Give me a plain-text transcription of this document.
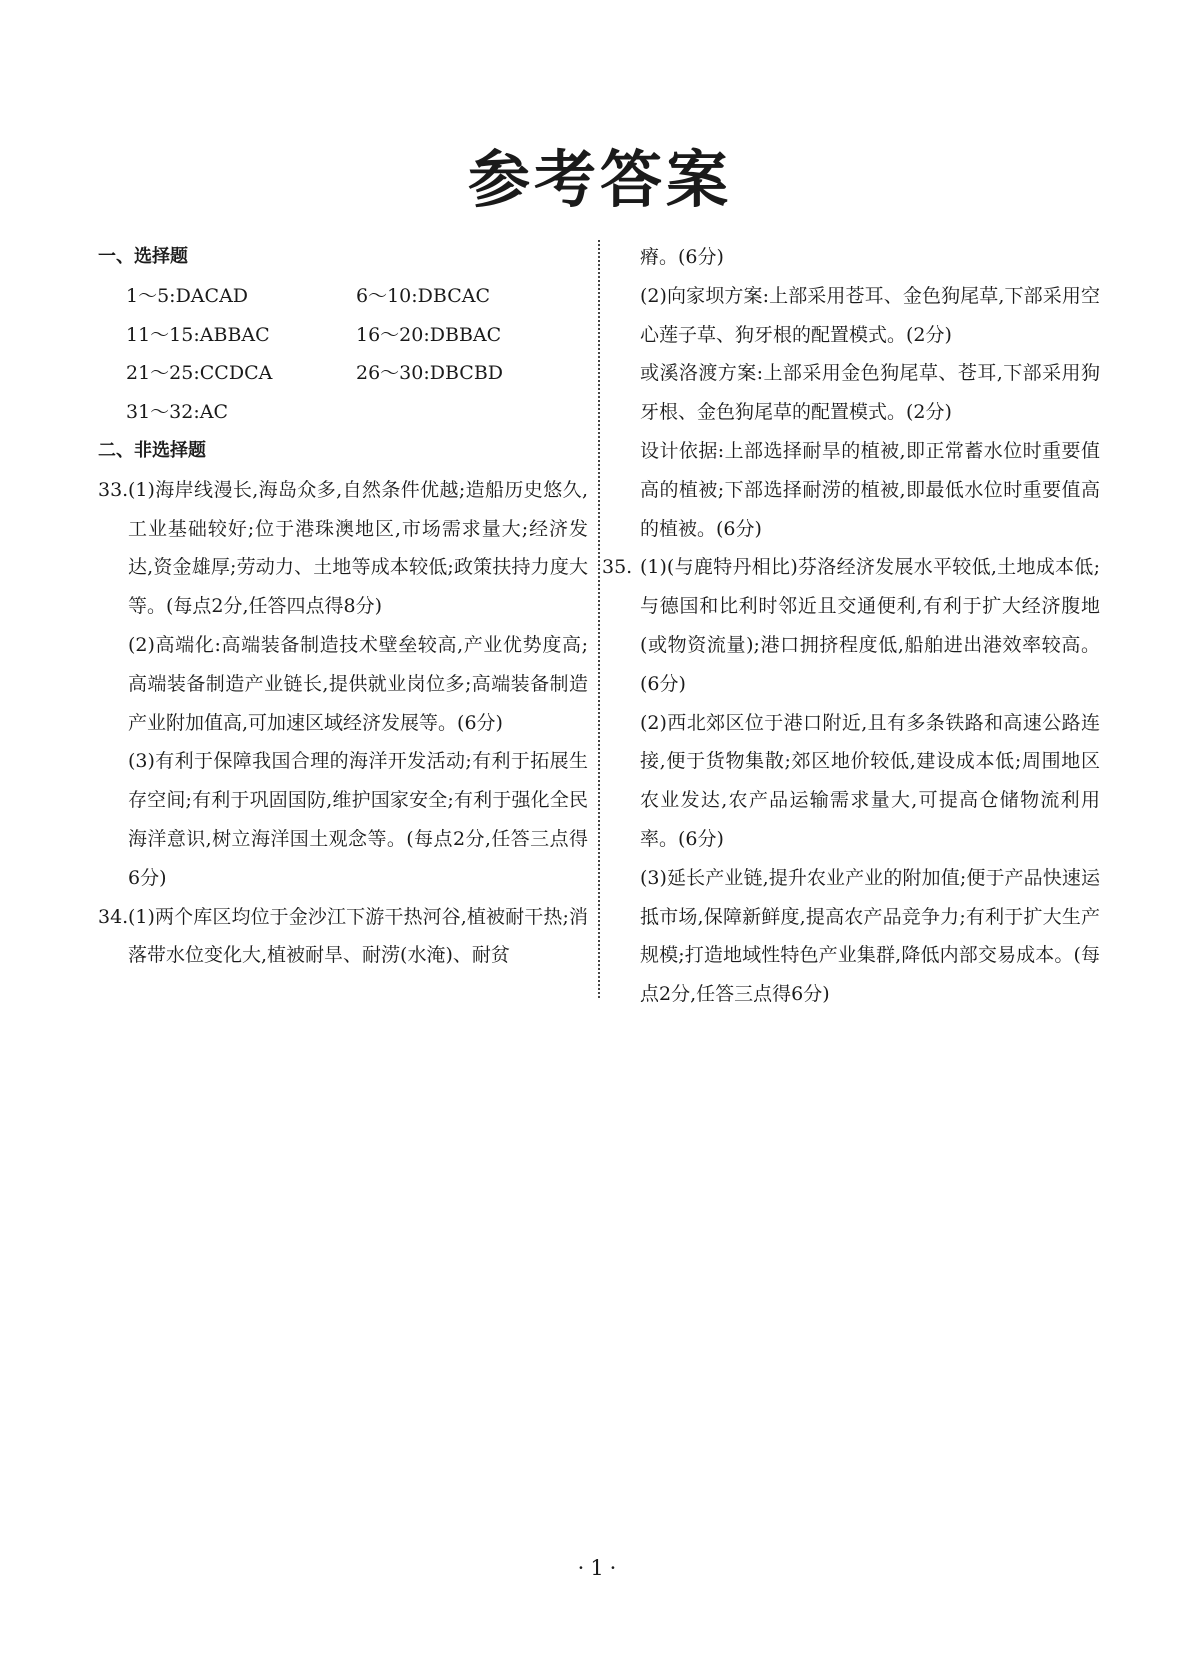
参考答案
一、选择题
1～5:DACAD	6～10:DBCAC
11～15:ABBAC	16～20:DBBAC
21～25:CCDCA	26～30:DBCBD
31～32:AC
二、非选择题
33. (1)海岸线漫长,海岛众多,自然条件优越;造船历史悠久,工业基础较好;位于港珠澳地区,市场需求量大;经济发达,资金雄厚;劳动力、土地等成本较低;政策扶持力度大等。(每点2分,任答四点得8分)
(2)高端化:高端装备制造技术壁垒较高,产业优势度高;高端装备制造产业链长,提供就业岗位多;高端装备制造产业附加值高,可加速区域经济发展等。(6分)
(3)有利于保障我国合理的海洋开发活动;有利于拓展生存空间;有利于巩固国防,维护国家安全;有利于强化全民海洋意识,树立海洋国土观念等。(每点2分,任答三点得6分)
34. (1)两个库区均位于金沙江下游干热河谷,植被耐干热;消落带水位变化大,植被耐旱、耐涝(水淹)、耐贫
瘠。(6分)
(2)向家坝方案:上部采用苍耳、金色狗尾草,下部采用空心莲子草、狗牙根的配置模式。(2分)
或溪洛渡方案:上部采用金色狗尾草、苍耳,下部采用狗牙根、金色狗尾草的配置模式。(2分)
设计依据:上部选择耐旱的植被,即正常蓄水位时重要值高的植被;下部选择耐涝的植被,即最低水位时重要值高的植被。(6分)
35. (1)(与鹿特丹相比)芬洛经济发展水平较低,土地成本低;与德国和比利时邻近且交通便利,有利于扩大经济腹地(或物资流量);港口拥挤程度低,船舶进出港效率较高。(6分)
(2)西北郊区位于港口附近,且有多条铁路和高速公路连接,便于货物集散;郊区地价较低,建设成本低;周围地区农业发达,农产品运输需求量大,可提高仓储物流利用率。(6分)
(3)延长产业链,提升农业产业的附加值;便于产品快速运抵市场,保障新鲜度,提高农产品竞争力;有利于扩大生产规模;打造地域性特色产业集群,降低内部交易成本。(每点2分,任答三点得6分)
·1·
